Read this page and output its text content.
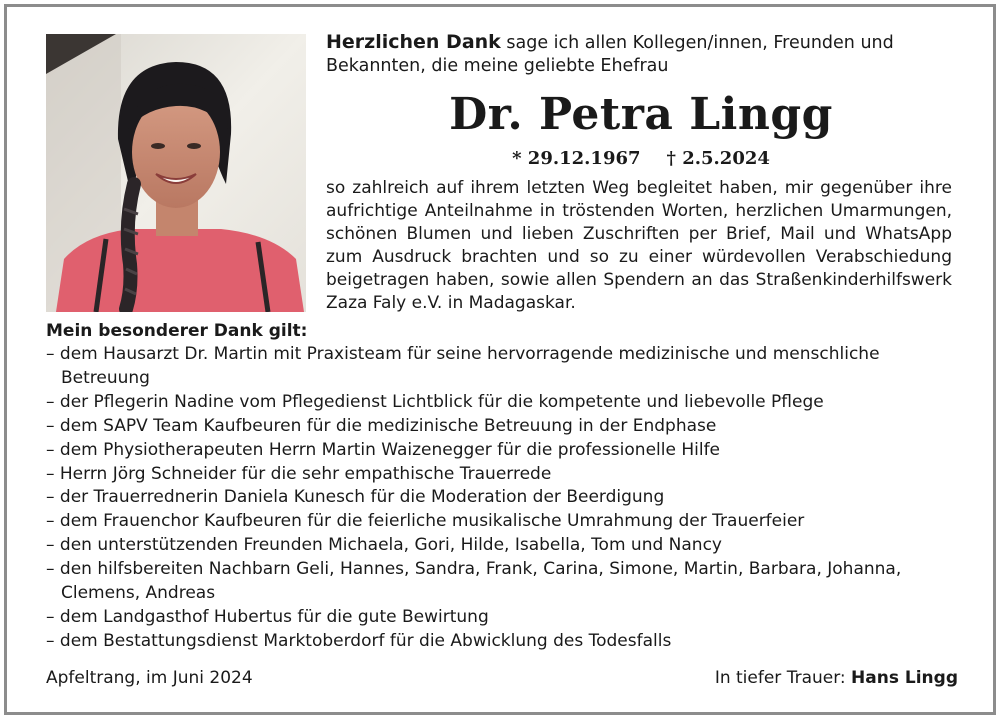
Herzlichen Dank sage ich allen Kollegen/innen, Freunden und Bekannten, die meine geliebte Ehefrau
Dr. Petra Lingg
* 29.12.1967 † 2.5.2024
so zahlreich auf ihrem letzten Weg begleitet haben, mir gegenüber ihre aufrichtige Anteilnahme in tröstenden Worten, herzlichen Umarmungen, schönen Blumen und lieben Zuschriften per Brief, Mail und WhatsApp zum Ausdruck brachten und so zu einer würdevollen Verabschiedung beigetragen haben, sowie allen Spendern an das Straßenkinderhilfswerk Zaza Faly e.V. in Madagaskar.
Mein besonderer Dank gilt:
– dem Hausarzt Dr. Martin mit Praxisteam für seine hervorragende medizinische und menschliche Betreuung
– der Pflegerin Nadine vom Pflegedienst Lichtblick für die kompetente und liebevolle Pflege
– dem SAPV Team Kaufbeuren für die medizinische Betreuung in der Endphase
– dem Physiotherapeuten Herrn Martin Waizenegger für die professionelle Hilfe
– Herrn Jörg Schneider für die sehr empathische Trauerrede
– der Trauerrednerin Daniela Kunesch für die Moderation der Beerdigung
– dem Frauenchor Kaufbeuren für die feierliche musikalische Umrahmung der Trauerfeier
– den unterstützenden Freunden Michaela, Gori, Hilde, Isabella, Tom und Nancy
– den hilfsbereiten Nachbarn Geli, Hannes, Sandra, Frank, Carina, Simone, Martin, Barbara, Johanna, Clemens, Andreas
– dem Landgasthof Hubertus für die gute Bewirtung
– dem Bestattungsdienst Marktoberdorf für die Abwicklung des Todesfalls
Apfeltrang, im Juni 2024	In tiefer Trauer: Hans Lingg
